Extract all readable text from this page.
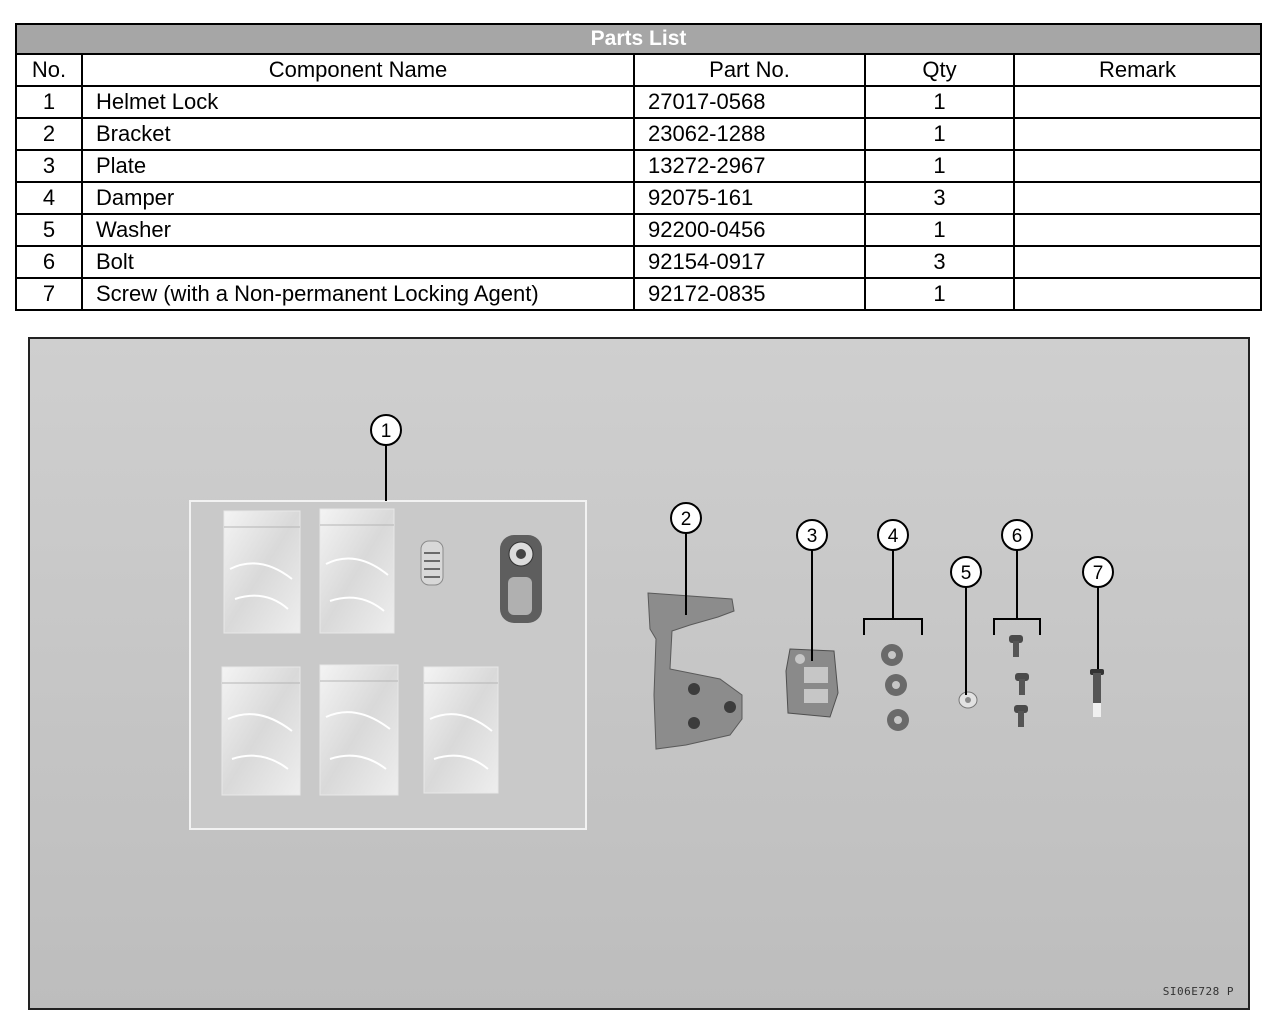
Parts List				
No.	Component Name	Part No.	Qty	Remark
1	Helmet Lock	27017-0568	1	
2	Bracket	23062-1288	1	
3	Plate	13272-2967	1	
4	Damper	92075-161	3	
5	Washer	92200-0456	1	
6	Bolt	92154-0917	3	
7	Screw (with a Non-permanent Locking Agent)	92172-0835	1	
1
2
3	4
5
6
7
SI06E728 P
